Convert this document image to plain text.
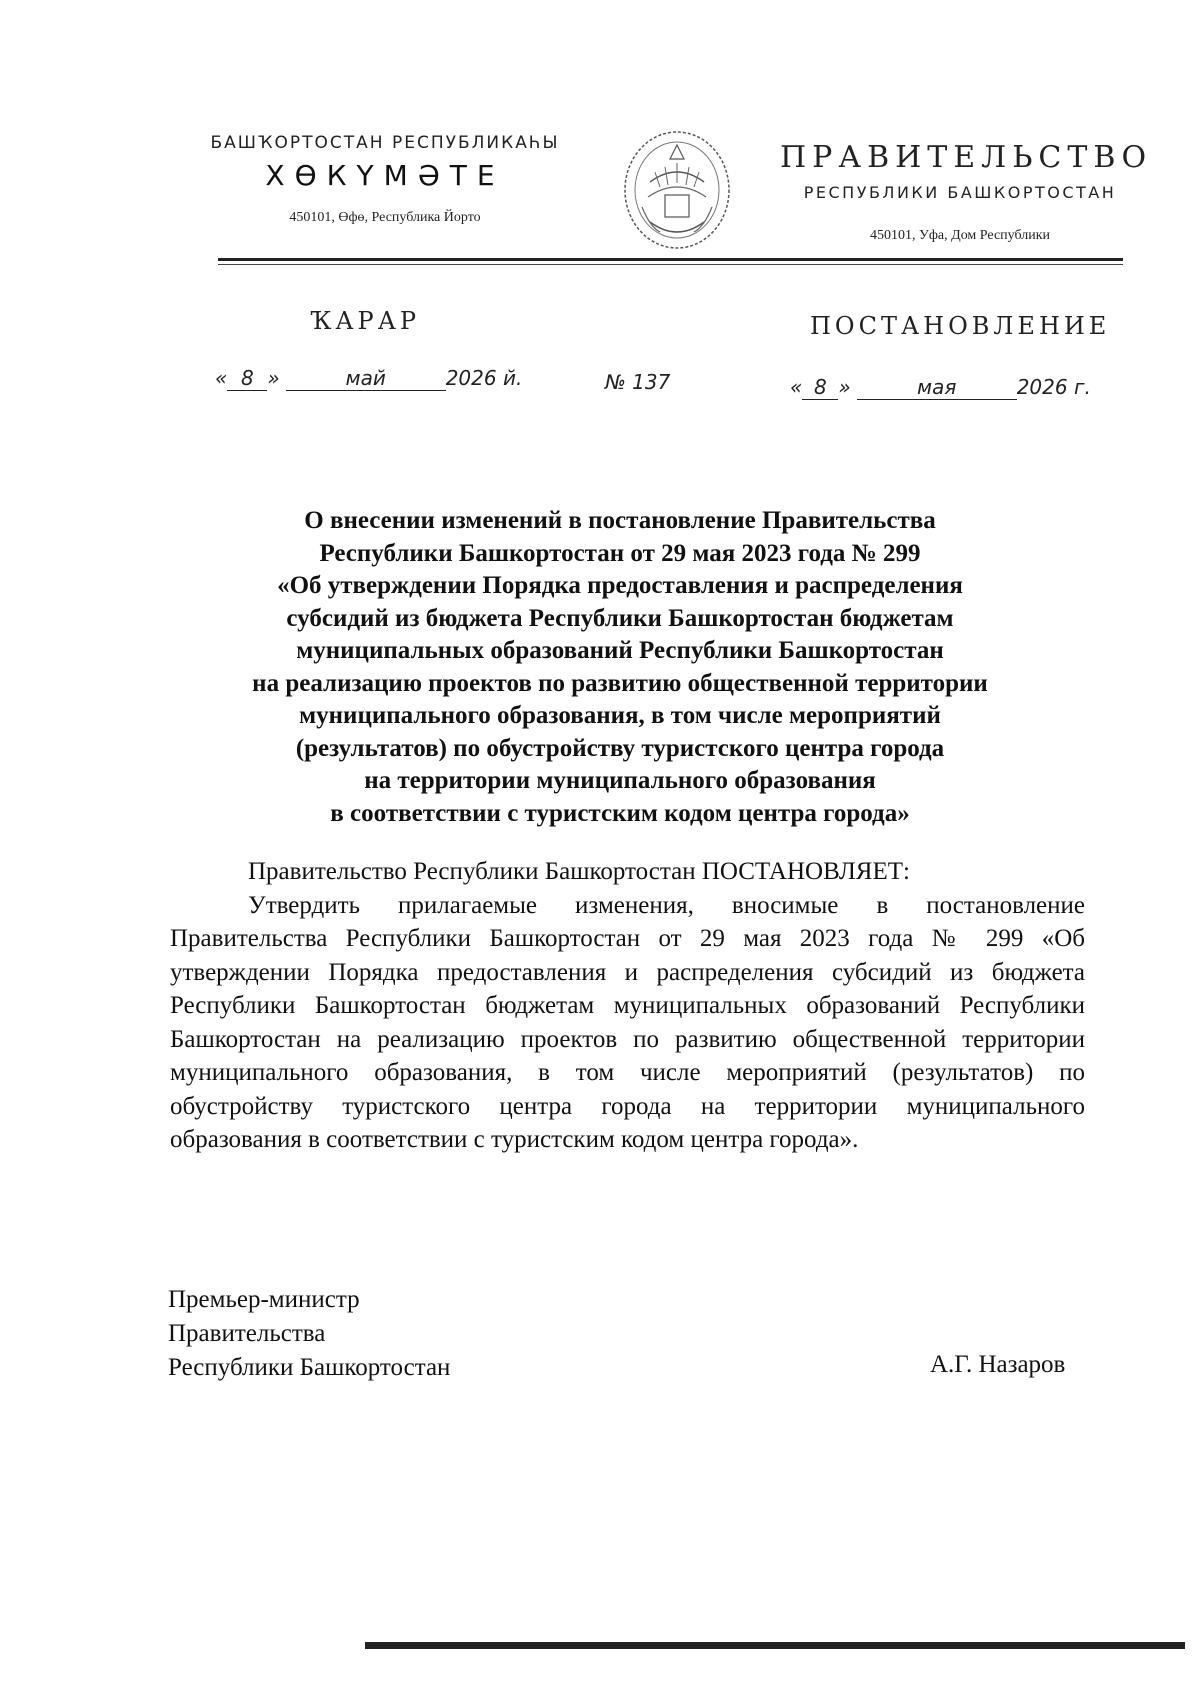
БАШҠОРТОСТАН РЕСПУБЛИКАҺЫ
ХӨКҮМӘТЕ
450101, Өфө, Республика Йорто
ПРАВИТЕЛЬСТВО
РЕСПУБЛИКИ БАШКОРТОСТАН
450101, Уфа, Дом Республики
ҠАРАР	ПОСТАНОВЛЕНИЕ
« 8 »	май	2026 й.	№ 137	« 8 »	мая	2026 г.
О внесении изменений в постановление Правительства
Республики Башкортостан от 29 мая 2023 года № 299
«Об утверждении Порядка предоставления и распределения
субсидий из бюджета Республики Башкортостан бюджетам
муниципальных образований Республики Башкортостан
на реализацию проектов по развитию общественной территории
муниципального образования, в том числе мероприятий
(результатов) по обустройству туристского центра города
на территории муниципального образования
в соответствии с туристским кодом центра города»
Правительство Республики Башкортостан ПОСТАНОВЛЯЕТ:
Утвердить прилагаемые изменения, вносимые в постановление Правительства Республики Башкортостан от 29 мая 2023 года № 299 «Об утверждении Порядка предоставления и распределения субсидий из бюджета Республики Башкортостан бюджетам муниципальных образований Республики Башкортостан на реализацию проектов по развитию общественной территории муниципального образования, в том числе мероприятий (результатов) по обустройству туристского центра города на территории муниципального образования в соответствии с туристским кодом центра города».
Премьер-министр
Правительства
Республики Башкортостан	А.Г. Назаров
